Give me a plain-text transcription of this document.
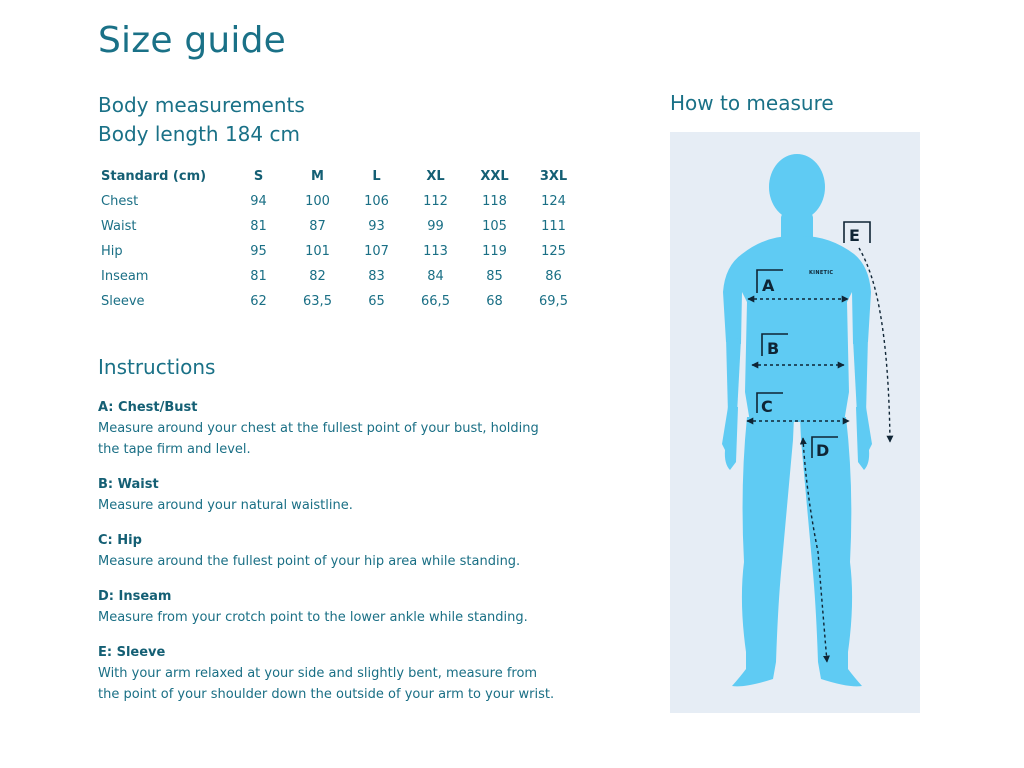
Size guide
Body measurements
Body length 184 cm
Standard (cm)	S	M	L	XL	XXL	3XL
Chest	94	100	106	112	118	124
Waist	81	87	93	99	105	111
Hip	95	101	107	113	119	125
Inseam	81	82	83	84	85	86
Sleeve	62	63,5	65	66,5	68	69,5
Instructions
A: Chest/Bust
Measure around your chest at the fullest point of your bust, holding the tape firm and level.
B: Waist
Measure around your natural waistline.
C: Hip
Measure around the fullest point of your hip area while standing.
D: Inseam
Measure from your crotch point to the lower ankle while standing.
E: Sleeve
With your arm relaxed at your side and slightly bent, measure from the point of your shoulder down the outside of your arm to your wrist.
How to measure
KINETIC
A
B
C
D
E
